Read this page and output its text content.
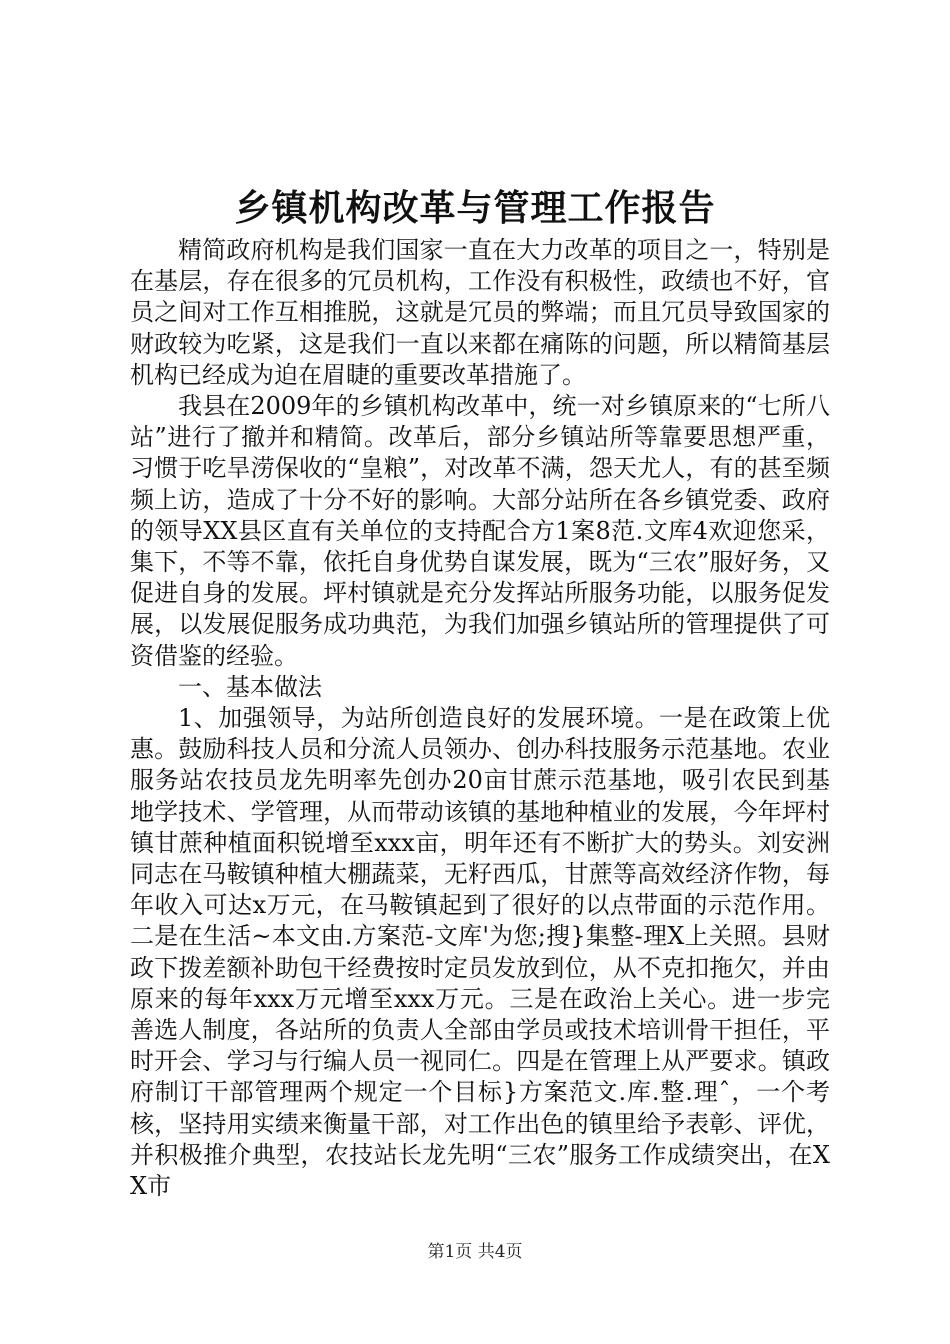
乡镇机构改革与管理工作报告

精简政府机构是我们国家一直在大力改革的项目之一，特别是在基层，存在很多的冗员机构，工作没有积极性，政绩也不好，官员之间对工作互相推脱，这就是冗员的弊端；而且冗员导致国家的财政较为吃紧，这是我们一直以来都在痛陈的问题，所以精简基层机构已经成为迫在眉睫的重要改革措施了。

我县在2009年的乡镇机构改革中，统一对乡镇原来的“七所八站”进行了撤并和精简。改革后，部分乡镇站所等靠要思想严重，习惯于吃旱涝保收的“皇粮”，对改革不满，怨天尤人，有的甚至频频上访，造成了十分不好的影响。大部分站所在各乡镇党委、政府的领导XX县区直有关单位的支持配合方1案8范.文库4欢迎您采，集下，不等不靠，依托自身优势自谋发展，既为“三农”服好务，又促进自身的发展。坪村镇就是充分发挥站所服务功能，以服务促发展，以发展促服务成功典范，为我们加强乡镇站所的管理提供了可资借鉴的经验。

一、基本做法

1、加强领导，为站所创造良好的发展环境。一是在政策上优惠。鼓励科技人员和分流人员领办、创办科技服务示范基地。农业服务站农技员龙先明率先创办20亩甘蔗示范基地，吸引农民到基地学技术、学管理，从而带动该镇的基地种植业的发展，今年坪村镇甘蔗种植面积锐增至xxx亩，明年还有不断扩大的势头。刘安洲同志在马鞍镇种植大棚蔬菜，无籽西瓜，甘蔗等高效经济作物，每年收入可达x万元，在马鞍镇起到了很好的以点带面的示范作用。二是在生活~本文由.方案范-文库'为您;搜}集整-理X上关照。县财政下拨差额补助包干经费按时定员发放到位，从不克扣拖欠，并由原来的每年xxx万元增至xxx万元。三是在政治上关心。进一步完善选人制度，各站所的负责人全部由学员或技术培训骨干担任，平时开会、学习与行编人员一视同仁。四是在管理上从严要求。镇政府制订干部管理两个规定一个目标}方案范文.库.整.理ˆ，一个考核，坚持用实绩来衡量干部，对工作出色的镇里给予表彰、评优，并积极推介典型，农技站长龙先明“三农”服务工作成绩突出，在XX市

第1页 共4页
